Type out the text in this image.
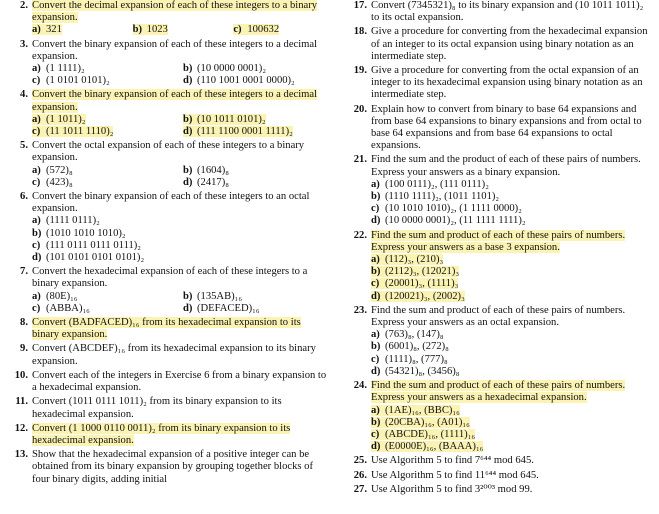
2. Convert the decimal expansion of each of these integers to a binary expansion.
a) 321	b) 1023	c) 100632
3. Convert the binary expansion of each of these integers to a decimal expansion.
a) (1 1111)₂	b) (10 0000 0001)₂
c) (1 0101 0101)₂	d) (110 1001 0001 0000)₂
4. Convert the binary expansion of each of these integers to a decimal expansion.
a) (1 1011)₂	b) (10 1011 0101)₂
c) (11 1011 1110)₂	d) (111 1100 0001 1111)₂
5. Convert the octal expansion of each of these integers to a binary expansion.
a) (572)₈	b) (1604)₈
c) (423)₈	d) (2417)₈
6. Convert the binary expansion of each of these integers to an octal expansion.
a) (1111 0111)₂
b) (1010 1010 1010)₂
c) (111 0111 0111 0111)₂
d) (101 0101 0101 0101)₂
7. Convert the hexadecimal expansion of each of these integers to a binary expansion.
a) (80E)₁₆	b) (135AB)₁₆
c) (ABBA)₁₆	d) (DEFACED)₁₆
8. Convert (BADFACED)₁₆ from its hexadecimal expansion to its binary expansion.
9. Convert (ABCDEF)₁₆ from its hexadecimal expansion to its binary expansion.
10. Convert each of the integers in Exercise 6 from a binary expansion to a hexadecimal expansion.
11. Convert (1011 0111 1011)₂ from its binary expansion to its hexadecimal expansion.
12. Convert (1 1000 0110 0011)₂ from its binary expansion to its hexadecimal expansion.
13. Show that the hexadecimal expansion of a positive integer can be obtained from its binary expansion by grouping together blocks of four binary digits, adding initial
17. Convert (7345321)₈ to its binary expansion and (10 1011 1011)₂ to its octal expansion.
18. Give a procedure for converting from the hexadecimal expansion of an integer to its octal expansion using binary notation as an intermediate step.
19. Give a procedure for converting from the octal expansion of an integer to its hexadecimal expansion using binary notation as an intermediate step.
20. Explain how to convert from binary to base 64 expansions and from base 64 expansions to binary expansions and from octal to base 64 expansions and from base 64 expansions to octal expansions.
21. Find the sum and the product of each of these pairs of numbers. Express your answers as a binary expansion.
a) (100 0111)₂, (111 0111)₂
b) (1110 1111)₂, (1011 1101)₂
c) (10 1010 1010)₂, (1 1111 0000)₂
d) (10 0000 0001)₂, (11 1111 1111)₂
22. Find the sum and product of each of these pairs of numbers. Express your answers as a base 3 expansion.
a) (112)₃, (210)₃
b) (2112)₃, (12021)₃
c) (20001)₃, (1111)₃
d) (120021)₃, (2002)₃
23. Find the sum and product of each of these pairs of numbers. Express your answers as an octal expansion.
a) (763)₈, (147)₈
b) (6001)₈, (272)₈
c) (1111)₈, (777)₈
d) (54321)₈, (3456)₈
24. Find the sum and product of each of these pairs of numbers. Express your answers as a hexadecimal expansion.
a) (1AE)₁₆, (BBC)₁₆
b) (20CBA)₁₆, (A01)₁₆
c) (ABCDE)₁₆, (1111)₁₆
d) (E0000E)₁₆, (BAAA)₁₆
25. Use Algorithm 5 to find 7⁶⁴⁴ mod 645.
26. Use Algorithm 5 to find 11⁶⁴⁴ mod 645.
27. Use Algorithm 5 to find 3²⁰⁰³ mod 99.
